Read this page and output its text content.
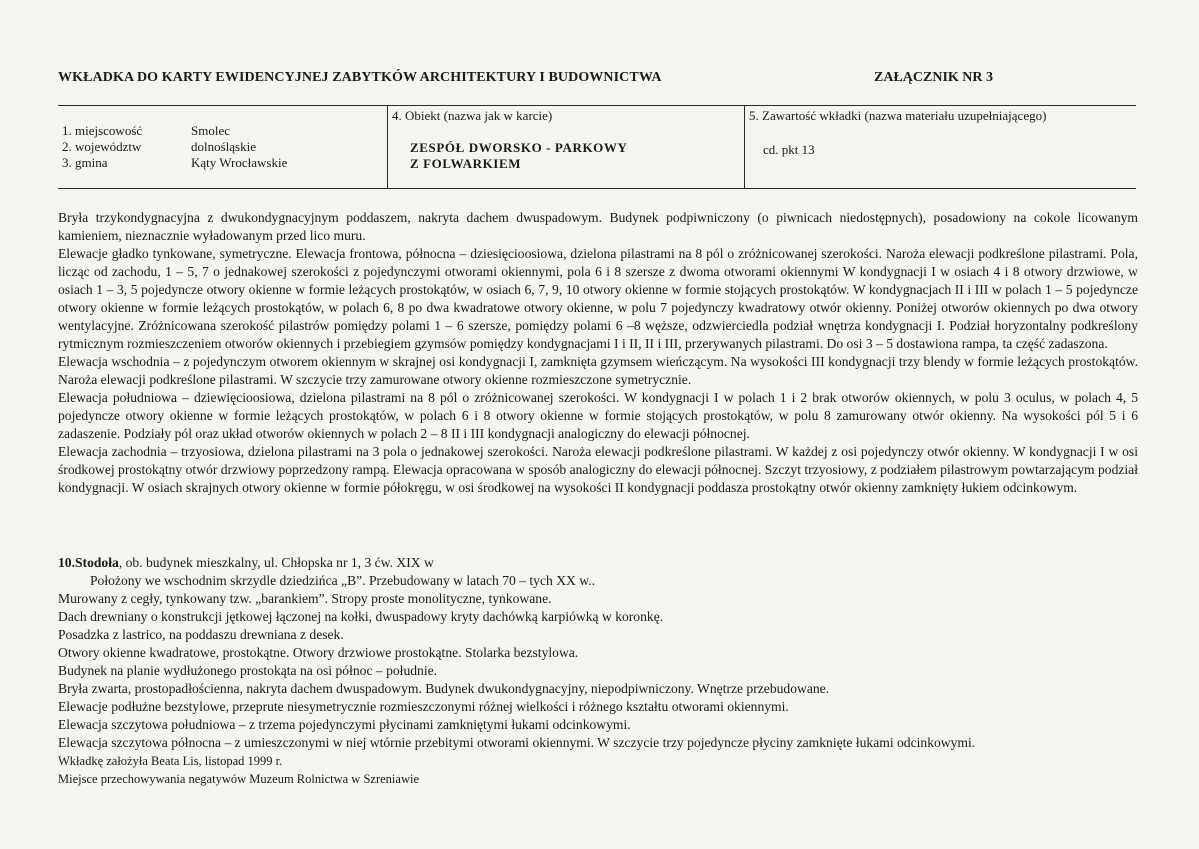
WKŁADKA DO KARTY EWIDENCYJNEJ ZABYTKÓW ARCHITEKTURY I BUDOWNICTWA	ZAŁĄCZNIK NR 3
1. miejscowość
2. województw
3. gmina
Smolec
dolnośląskie
Kąty Wrocławskie
4. Obiekt (nazwa jak w karcie)
ZESPÓŁ DWORSKO - PARKOWY
Z FOLWARKIEM
5. Zawartość wkładki (nazwa materiału uzupełniającego)
cd. pkt 13

Bryła trzykondygnacyjna z dwukondygnacyjnym poddaszem, nakryta dachem dwuspadowym. Budynek podpiwniczony (o piwnicach niedostępnych), posadowiony na cokole licowanym kamieniem, nieznacznie wyładowanym przed lico muru.

Elewacje gładko tynkowane, symetryczne. Elewacja frontowa, północna – dziesięcioosiowa, dzielona pilastrami na 8 pól o zróżnicowanej szerokości. Naroża elewacji podkreślone pilastrami. Pola, licząc od zachodu, 1 – 5, 7 o jednakowej szerokości z pojedynczymi otworami okiennymi, pola 6 i 8 szersze z dwoma otworami okiennymi W kondygnacji I w osiach 4 i 8 otwory drzwiowe, w osiach 1 – 3, 5 pojedyncze otwory okienne w formie leżących prostokątów, w osiach 6, 7, 9, 10 otwory okienne w formie stojących prostokątów. W kondygnacjach II i III w polach 1 – 5 pojedyncze otwory okienne w formie leżących prostokątów, w polach 6, 8 po dwa kwadratowe otwory okienne, w polu 7 pojedynczy kwadratowy otwór okienny. Poniżej otworów okiennych po dwa otwory wentylacyjne. Zróżnicowana szerokość pilastrów pomiędzy polami 1 – 6 szersze, pomiędzy polami 6 –8 węższe, odzwierciedla podział wnętrza kondygnacji I. Podział horyzontalny podkreślony rytmicznym rozmieszczeniem otworów okiennych i przebiegiem gzymsów pomiędzy kondygnacjami I i II, II i III, przerywanych pilastrami. Do osi 3 – 5 dostawiona rampa, ta część zadaszona.

Elewacja wschodnia – z pojedynczym otworem okiennym w skrajnej osi kondygnacji I, zamknięta gzymsem wieńczącym. Na wysokości III kondygnacji trzy blendy w formie leżących prostokątów. Naroża elewacji podkreślone pilastrami. W szczycie trzy zamurowane otwory okienne rozmieszczone symetrycznie.

Elewacja południowa – dziewięcioosiowa, dzielona pilastrami na 8 pól o zróżnicowanej szerokości. W kondygnacji I w polach 1 i 2 brak otworów okiennych, w polu 3 oculus, w polach 4, 5 pojedyncze otwory okienne w formie leżących prostokątów, w polach 6 i 8 otwory okienne w formie stojących prostokątów, w polu 8 zamurowany otwór okienny. Na wysokości pól 5 i 6 zadaszenie. Podziały pól oraz układ otworów okiennych w polach 2 – 8 II i III kondygnacji analogiczny do elewacji północnej.

Elewacja zachodnia – trzyosiowa, dzielona pilastrami na 3 pola o jednakowej szerokości. Naroża elewacji podkreślone pilastrami. W każdej z osi pojedynczy otwór okienny. W kondygnacji I w osi środkowej prostokątny otwór drzwiowy poprzedzony rampą. Elewacja opracowana w sposób analogiczny do elewacji północnej. Szczyt trzyosiowy, z podziałem pilastrowym powtarzającym podział kondygnacji. W osiach skrajnych otwory okienne w formie półokręgu, w osi środkowej na wysokości II kondygnacji poddasza prostokątny otwór okienny zamknięty łukiem odcinkowym.

10.Stodoła, ob. budynek mieszkalny, ul. Chłopska nr 1, 3 ćw. XIX w

Położony we wschodnim skrzydle dziedzińca „B”. Przebudowany w latach 70 – tych XX w..

Murowany z cegły, tynkowany tzw. „barankiem”. Stropy proste monolityczne, tynkowane.

Dach drewniany o konstrukcji jętkowej łączonej na kołki, dwuspadowy kryty dachówką karpiówką w koronkę.

Posadzka z lastrico, na poddaszu drewniana z desek.

Otwory okienne kwadratowe, prostokątne. Otwory drzwiowe prostokątne. Stolarka bezstylowa.

Budynek na planie wydłużonego prostokąta na osi północ – południe.

Bryła zwarta, prostopadłościenna, nakryta dachem dwuspadowym. Budynek dwukondygnacyjny, niepodpiwniczony. Wnętrze przebudowane.

Elewacje podłużne bezstylowe, przeprute niesymetrycznie rozmieszczonymi różnej wielkości i różnego kształtu otworami okiennymi.

Elewacja szczytowa południowa – z trzema pojedynczymi płycinami zamkniętymi łukami odcinkowymi.

Elewacja szczytowa północna – z umieszczonymi w niej wtórnie przebitymi otworami okiennymi. W szczycie trzy pojedyncze płyciny zamknięte łukami odcinkowymi.

Wkładkę założyła Beata Lis, listopad 1999 r.

Miejsce przechowywania negatywów Muzeum Rolnictwa w Szreniawie
